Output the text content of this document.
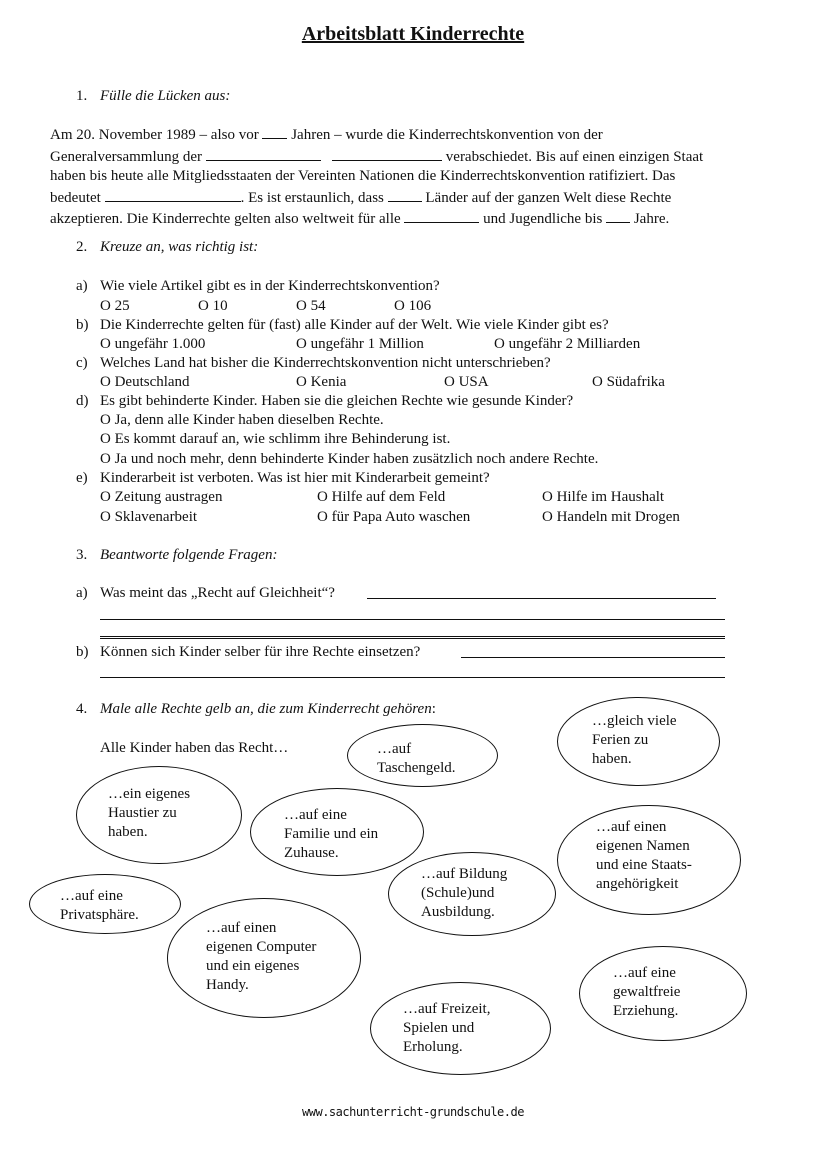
Arbeitsblatt Kinderrechte
1. Fülle die Lücken aus:
Am 20. November 1989 – also vor  Jahren – wurde die Kinderrechtskonvention von der
Generalversammlung der	verabschiedet. Bis auf einen einzigen Staat
haben bis heute alle Mitgliedsstaaten der Vereinten Nationen die Kinderrechtskonvention ratifiziert. Das
bedeutet	. Es ist erstaunlich, dass  Länder auf der ganzen Welt diese Rechte
akzeptieren. Die Kinderrechte gelten also weltweit für alle	und Jugendliche bis  Jahre.
2. Kreuze an, was richtig ist:
a) Wie viele Artikel gibt es in der Kinderrechtskonvention?
O 25	O 10	O 54	O 106
b) Die Kinderrechte gelten für (fast) alle Kinder auf der Welt. Wie viele Kinder gibt es?
O ungefähr 1.000	O ungefähr 1 Million	O ungefähr 2 Milliarden
c) Welches Land hat bisher die Kinderrechtskonvention nicht unterschrieben?
O Deutschland	O Kenia	O USA	O Südafrika
d) Es gibt behinderte Kinder. Haben sie die gleichen Rechte wie gesunde Kinder?
O Ja, denn alle Kinder haben dieselben Rechte.
O Es kommt darauf an, wie schlimm ihre Behinderung ist.
O Ja und noch mehr, denn behinderte Kinder haben zusätzlich noch andere Rechte.
e) Kinderarbeit ist verboten. Was ist hier mit Kinderarbeit gemeint?
O Zeitung austragen	O Hilfe auf dem Feld	O Hilfe im Haushalt
O Sklavenarbeit	O für Papa Auto waschen	O Handeln mit Drogen
3. Beantworte folgende Fragen:
a) Was meint das „Recht auf Gleichheit“?
b) Können sich Kinder selber für ihre Rechte einsetzen?
4. Male alle Rechte gelb an, die zum Kinderrecht gehören:
Alle Kinder haben das Recht…	…auf
Taschengeld.
…gleich viele
Ferien zu
haben.
…ein eigenes
Haustier zu
haben.
…auf eine
Familie und ein
Zuhause.
…auf einen
eigenen Namen
und eine Staats-
angehörigkeit
…auf Bildung
(Schule)und
Ausbildung.
…auf eine
Privatsphäre.
…auf einen
eigenen Computer
und ein eigenes
Handy.
…auf eine
gewaltfreie
Erziehung.
…auf Freizeit,
Spielen und
Erholung.
www.sachunterricht-grundschule.de
